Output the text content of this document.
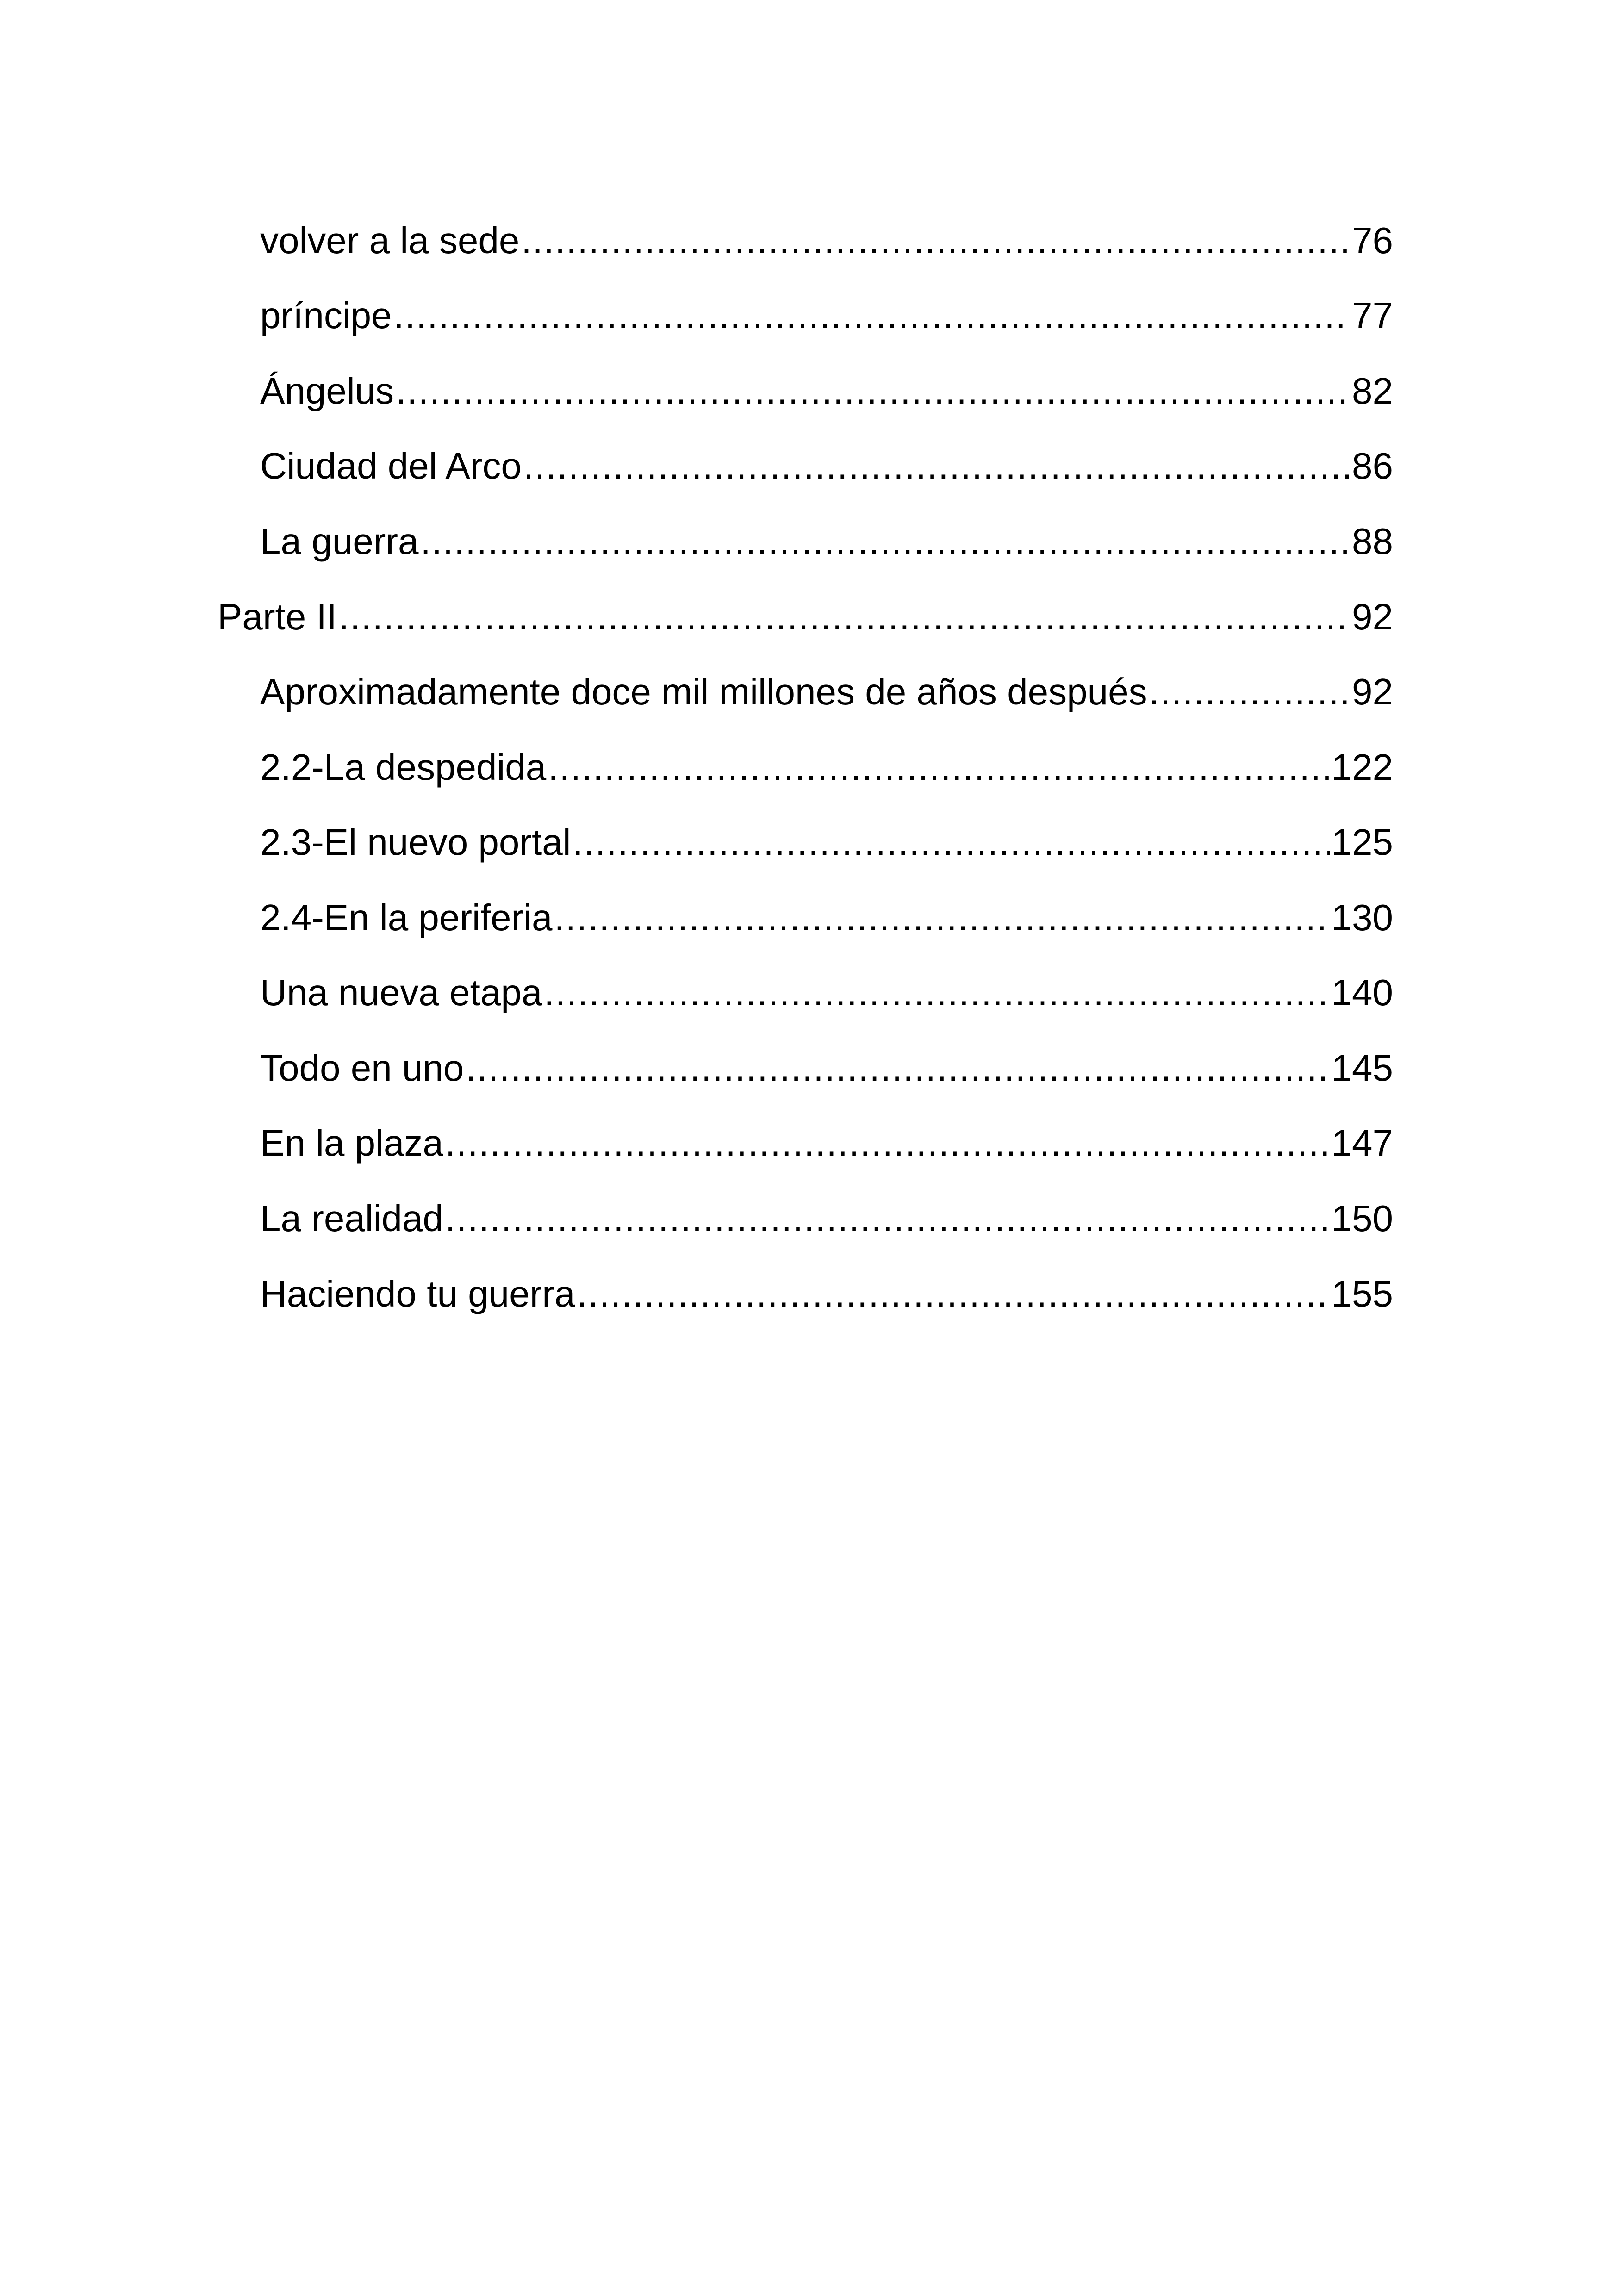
volver a la sede .....	76
príncipe .....	77
Ángelus .....	82
Ciudad del Arco .....	86
La guerra .....	88
Parte II .....	92
Aproximadamente doce mil millones de años después .....	92
2.2-La despedida .....	122
2.3-El nuevo portal .....	125
2.4-En la periferia .....	130
Una nueva etapa .....	140
Todo en uno .....	145
En la plaza .....	147
La realidad .....	150
Haciendo tu guerra .....	155
